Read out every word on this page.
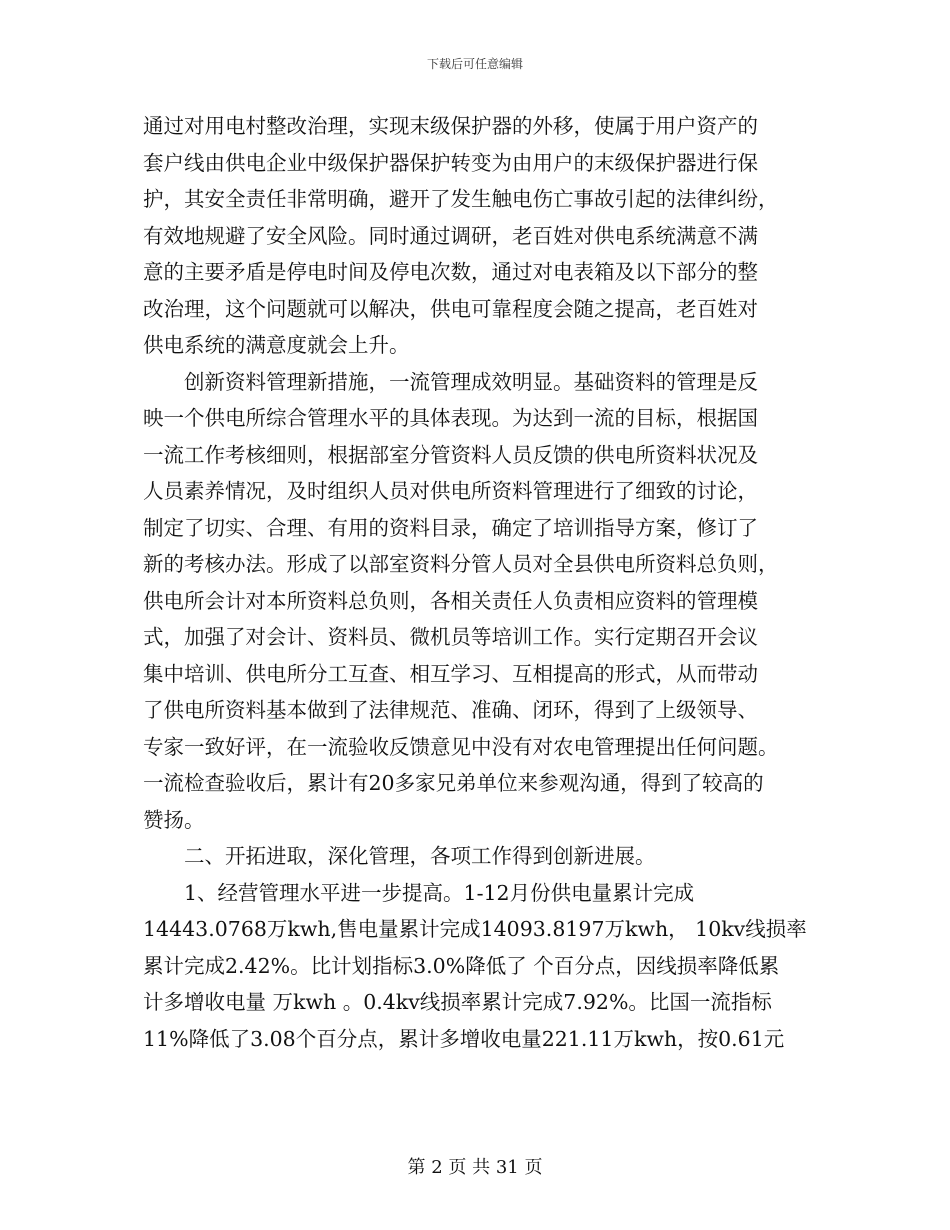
下载后可任意编辑

通过对用电村整改治理，实现末级保护器的外移，使属于用户资产的

套户线由供电企业中级保护器保护转变为由用户的末级保护器进行保

护，其安全责任非常明确，避开了发生触电伤亡事故引起的法律纠纷，

有效地规避了安全风险。同时通过调研，老百姓对供电系统满意不满

意的主要矛盾是停电时间及停电次数，通过对电表箱及以下部分的整

改治理，这个问题就可以解决，供电可靠程度会随之提高，老百姓对

供电系统的满意度就会上升。

创新资料管理新措施，一流管理成效明显。基础资料的管理是反

映一个供电所综合管理水平的具体表现。为达到一流的目标，根据国

一流工作考核细则，根据部室分管资料人员反馈的供电所资料状况及

人员素养情况，及时组织人员对供电所资料管理进行了细致的讨论，

制定了切实、合理、有用的资料目录，确定了培训指导方案，修订了

新的考核办法。形成了以部室资料分管人员对全县供电所资料总负则，

供电所会计对本所资料总负则，各相关责任人负责相应资料的管理模

式，加强了对会计、资料员、微机员等培训工作。实行定期召开会议

集中培训、供电所分工互查、相互学习、互相提高的形式，从而带动

了供电所资料基本做到了法律规范、准确、闭环，得到了上级领导、

专家一致好评，在一流验收反馈意见中没有对农电管理提出任何问题。

一流检查验收后，累计有20多家兄弟单位来参观沟通，得到了较高的

赞扬。

二、开拓进取，深化管理，各项工作得到创新进展。

1、经营管理水平进一步提高。1-12月份供电量累计完成

14443.0768万kwh,售电量累计完成14093.8197万kwh， 10kv线损率

累计完成2.42%。比计划指标3.0%降低了 个百分点，因线损率降低累

计多增收电量 万kwh 。0.4kv线损率累计完成7.92%。比国一流指标

11%降低了3.08个百分点，累计多增收电量221.11万kwh，按0.61元

第 2 页 共 31 页
